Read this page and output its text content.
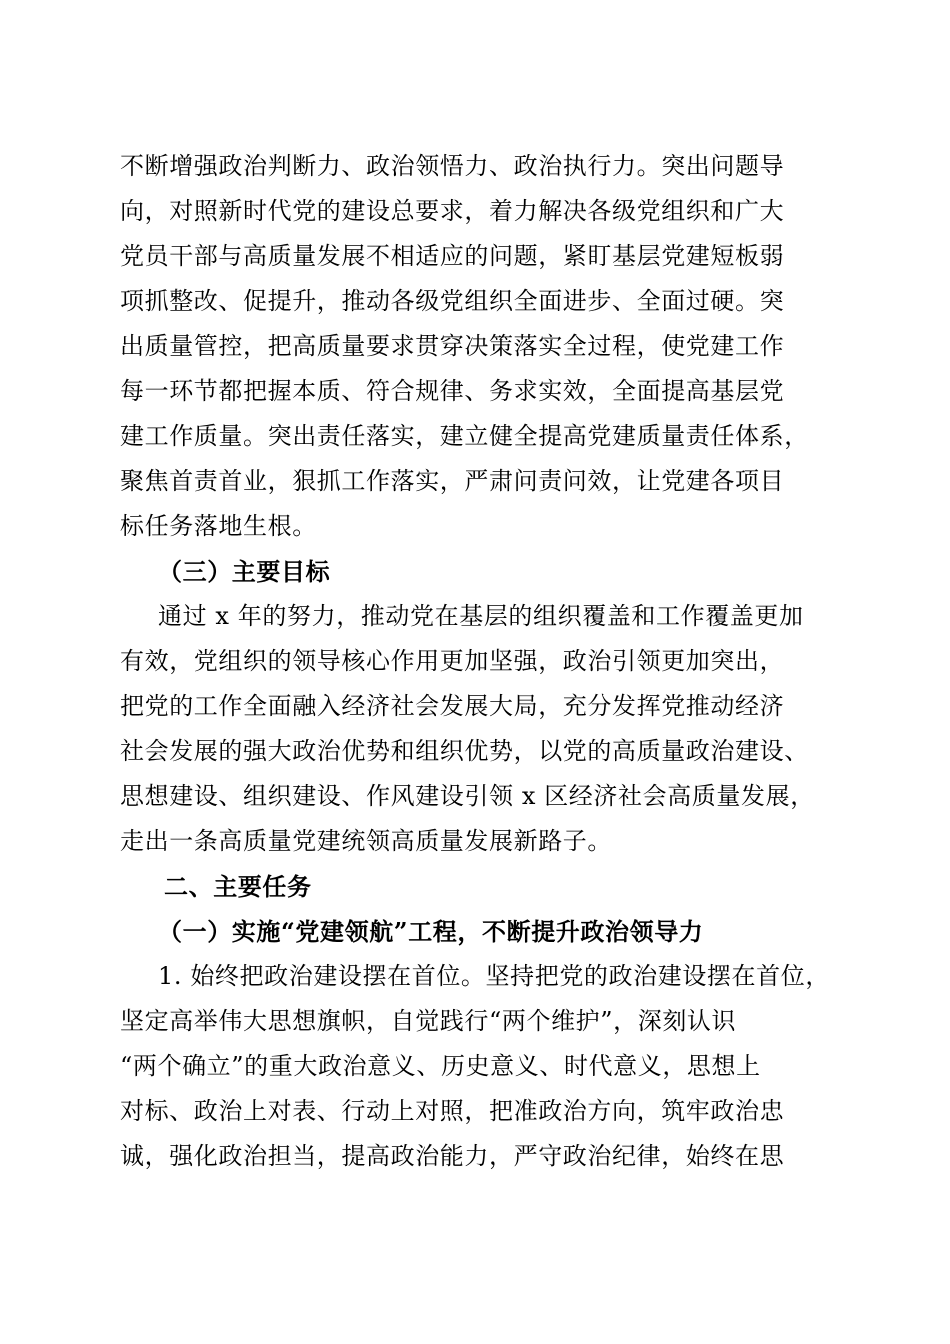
不断增强政治判断力、政治领悟力、政治执行力。突出问题导
向，对照新时代党的建设总要求，着力解决各级党组织和广大
党员干部与高质量发展不相适应的问题，紧盯基层党建短板弱
项抓整改、促提升，推动各级党组织全面进步、全面过硬。突
出质量管控，把高质量要求贯穿决策落实全过程，使党建工作
每一环节都把握本质、符合规律、务求实效，全面提高基层党
建工作质量。突出责任落实，建立健全提高党建质量责任体系，
聚焦首责首业，狠抓工作落实，严肃问责问效，让党建各项目
标任务落地生根。
（三）主要目标
通过 x 年的努力，推动党在基层的组织覆盖和工作覆盖更加
有效，党组织的领导核心作用更加坚强，政治引领更加突出，
把党的工作全面融入经济社会发展大局，充分发挥党推动经济
社会发展的强大政治优势和组织优势，以党的高质量政治建设、
思想建设、组织建设、作风建设引领 x 区经济社会高质量发展，
走出一条高质量党建统领高质量发展新路子。
二、主要任务
（一）实施“党建领航”工程，不断提升政治领导力
1. 始终把政治建设摆在首位。坚持把党的政治建设摆在首位，
坚定高举伟大思想旗帜，自觉践行“两个维护”，深刻认识
“两个确立”的重大政治意义、历史意义、时代意义，思想上
对标、政治上对表、行动上对照，把准政治方向，筑牢政治忠
诚，强化政治担当，提高政治能力，严守政治纪律，始终在思
